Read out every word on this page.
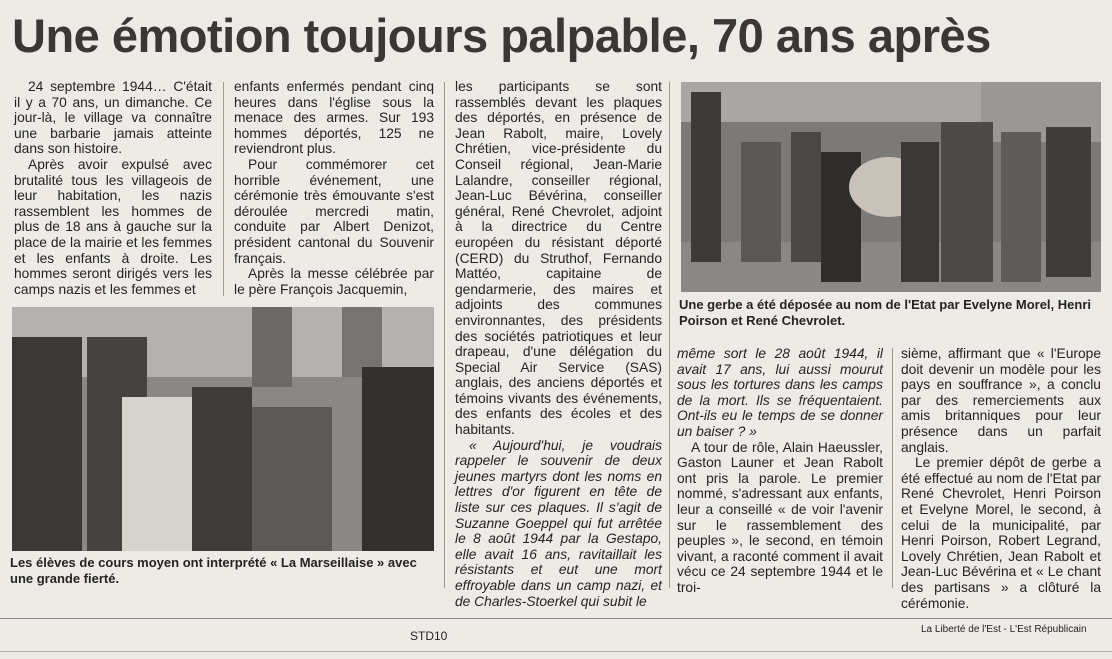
Une émotion toujours palpable, 70 ans après

24 septembre 1944… C'était il y a 70 ans, un dimanche. Ce jour-là, le village va connaître une barbarie jamais atteinte dans son histoire.

Après avoir expulsé avec brutalité tous les villageois de leur habitation, les nazis rassemblent les hommes de plus de 18 ans à gauche sur la place de la mairie et les femmes et les enfants à droite. Les hommes seront dirigés vers les camps nazis et les femmes et

enfants enfermés pendant cinq heures dans l'église sous la menace des armes. Sur 193 hommes déportés, 125 ne reviendront plus.

Pour commémorer cet horrible événement, une cérémonie très émouvante s'est déroulée mercredi matin, conduite par Albert Denizot, président cantonal du Souvenir français.

Après la messe célébrée par le père François Jacquemin,

les participants se sont rassemblés devant les plaques des déportés, en présence de Jean Rabolt, maire, Lovely Chrétien, vice-présidente du Conseil régional, Jean-Marie Lalandre, conseiller régional, Jean-Luc Bévérina, conseiller général, René Chevrolet, adjoint à la directrice du Centre européen du résistant déporté (CERD) du Struthof, Fernando Mattéo, capitaine de gendarmerie, des maires et adjoints des communes environnantes, des présidents des sociétés patriotiques et leur drapeau, d'une délégation du Special Air Service (SAS) anglais, des anciens déportés et témoins vivants des événements, des enfants des écoles et des habitants.

« Aujourd'hui, je voudrais rappeler le souvenir de deux jeunes martyrs dont les noms en lettres d'or figurent en tête de liste sur ces plaques. Il s'agit de Suzanne Goeppel qui fut arrêtée le 8 août 1944 par la Gestapo, elle avait 16 ans, ravitaillait les résistants et eut une mort effroyable dans un camp nazi, et de Charles-Stoerkel qui subit le

Une gerbe a été déposée au nom de l'Etat par Evelyne Morel, Henri Poirson et René Chevrolet.
Les élèves de cours moyen ont interprété « La Marseillaise » avec une grande fierté.

même sort le 28 août 1944, il avait 17 ans, lui aussi mourut sous les tortures dans les camps de la mort. Ils se fréquentaient. Ont-ils eu le temps de se donner un baiser ? »

A tour de rôle, Alain Haeussler, Gaston Launer et Jean Rabolt ont pris la parole. Le premier nommé, s'adressant aux enfants, leur a conseillé « de voir l'avenir sur le rassemblement des peuples », le second, en témoin vivant, a raconté comment il avait vécu ce 24 septembre 1944 et le troi-

sième, affirmant que « l'Europe doit devenir un modèle pour les pays en souffrance », a conclu par des remerciements aux amis britanniques pour leur présence dans un parfait anglais.

Le premier dépôt de gerbe a été effectué au nom de l'Etat par René Chevrolet, Henri Poirson et Evelyne Morel, le second, à celui de la municipalité, par Henri Poirson, Robert Legrand, Lovely Chrétien, Jean Rabolt et Jean-Luc Bévérina et « Le chant des partisans » a clôturé la cérémonie.

STD10	La Liberté de l'Est - L'Est Républicain
